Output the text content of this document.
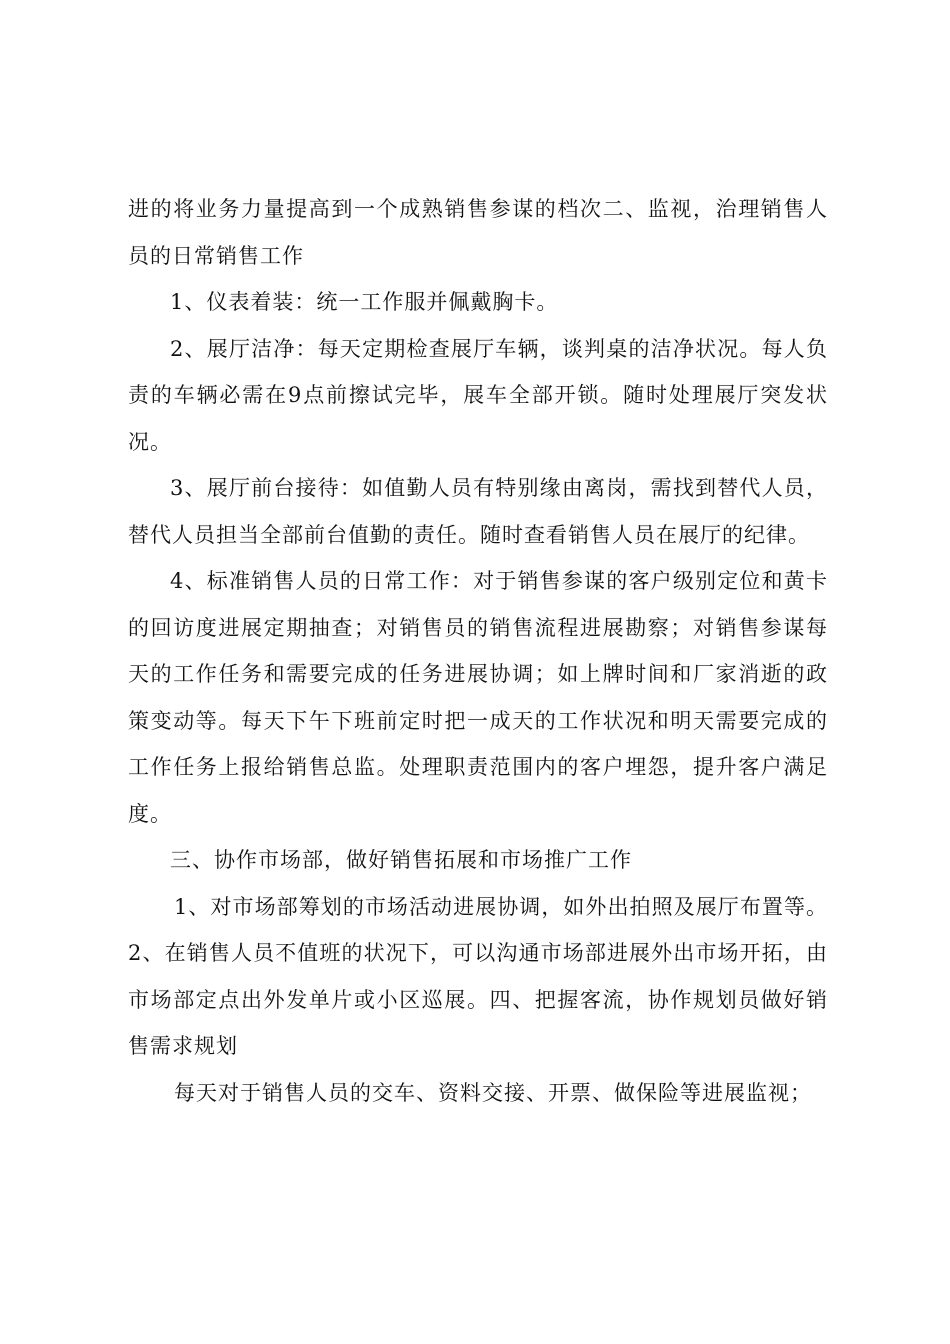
进的将业务力量提高到一个成熟销售参谋的档次二、监视，治理销售人员的日常销售工作

1、仪表着装：统一工作服并佩戴胸卡。

2、展厅洁净：每天定期检查展厅车辆，谈判桌的洁净状况。每人负责的车辆必需在9点前擦试完毕，展车全部开锁。随时处理展厅突发状况。

3、展厅前台接待：如值勤人员有特别缘由离岗，需找到替代人员，替代人员担当全部前台值勤的责任。随时查看销售人员在展厅的纪律。

4、标准销售人员的日常工作：对于销售参谋的客户级别定位和黄卡的回访度进展定期抽查；对销售员的销售流程进展勘察；对销售参谋每天的工作任务和需要完成的任务进展协调；如上牌时间和厂家消逝的政策变动等。每天下午下班前定时把一成天的工作状况和明天需要完成的工作任务上报给销售总监。处理职责范围内的客户埋怨，提升客户满足度。

三、协作市场部，做好销售拓展和市场推广工作

1、对市场部筹划的市场活动进展协调，如外出拍照及展厅布置等。2、在销售人员不值班的状况下，可以沟通市场部进展外出市场开拓，由市场部定点出外发单片或小区巡展。四、把握客流，协作规划员做好销售需求规划

每天对于销售人员的交车、资料交接、开票、做保险等进展监视；
